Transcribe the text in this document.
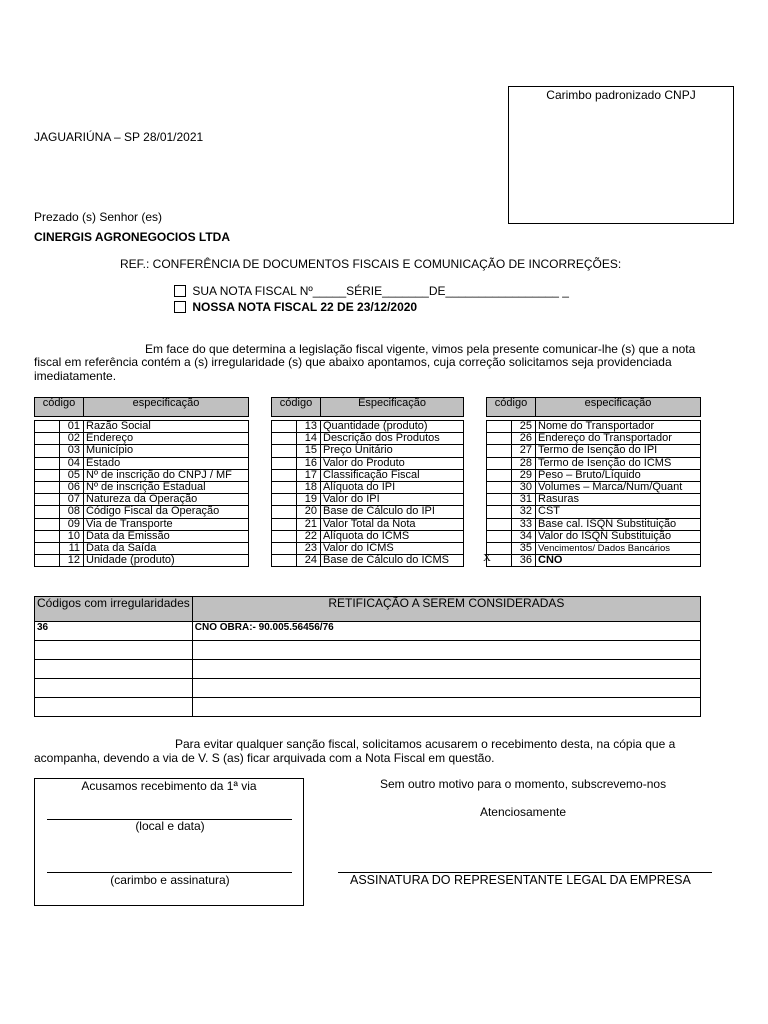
Carimbo padronizado CNPJ
JAGUARIÚNA – SP 28/01/2021
Prezado (s) Senhor (es)
CINERGIS AGRONEGOCIOS LTDA
REF.: CONFERÊNCIA DE DOCUMENTOS FISCAIS E COMUNICAÇÃO DE INCORREÇÕES:
SUA NOTA FISCAL Nº_____SÉRIE_______DE_________________ _
NOSSA NOTA FISCAL 22 DE 23/12/2020
Em face do que determina a legislação fiscal vigente, vimos pela presente comunicar-lhe (s) que a nota
fiscal em referência contém a (s) irregularidade (s) que abaixo apontamos, cuja correção solicitamos seja providenciada
imediatamente.
código		especificação

	01	Razão Social
	02	Endereço
	03	Município
	04	Estado
	05	Nº de inscrição do CNPJ / MF
	06	Nº de inscrição Estadual
	07	Natureza da Operação
	08	Código Fiscal da Operação
	09	Via de Transporte
	10	Data da Emissão
	11	Data da Saída
	12	Unidade (produto)
código		Especificação

	13	Quantidade (produto)
	14	Descrição dos Produtos
	15	Preço Unitário
	16	Valor do Produto
	17	Classificação Fiscal
	18	Alíquota do IPI
	19	Valor do IPI
	20	Base de Cálculo do IPI
	21	Valor Total da Nota
	22	Alíquota do ICMS
	23	Valor do ICMS
	24	Base de Cálculo do ICMS
código		especificação

	25	Nome do Transportador
	26	Endereço do Transportador
	27	Termo de Isenção do IPI
	28	Termo de Isenção do ICMS
	29	Peso – Bruto/Líquido
	30	Volumes – Marca/Num/Quant
	31	Rasuras
	32	CST
	33	Base cal. ISQN Substituição
	34	Valor do ISQN Substituição
	35	Vencimentos/ Dados Bancários

X	36	CNO
Códigos com irregularidades	RETIFICAÇÃO A SEREM CONSIDERADAS
36	CNO OBRA:- 90.005.56456/76

Para evitar qualquer sanção fiscal, solicitamos acusarem o recebimento desta, na cópia que a
acompanha, devendo a via de V. S (as) ficar arquivada com a Nota Fiscal em questão.
Acusamos recebimento da 1ª via
(local e data)
(carimbo e assinatura)
Sem outro motivo para o momento, subscrevemo-nos
Atenciosamente
ASSINATURA DO REPRESENTANTE LEGAL DA EMPRESA
